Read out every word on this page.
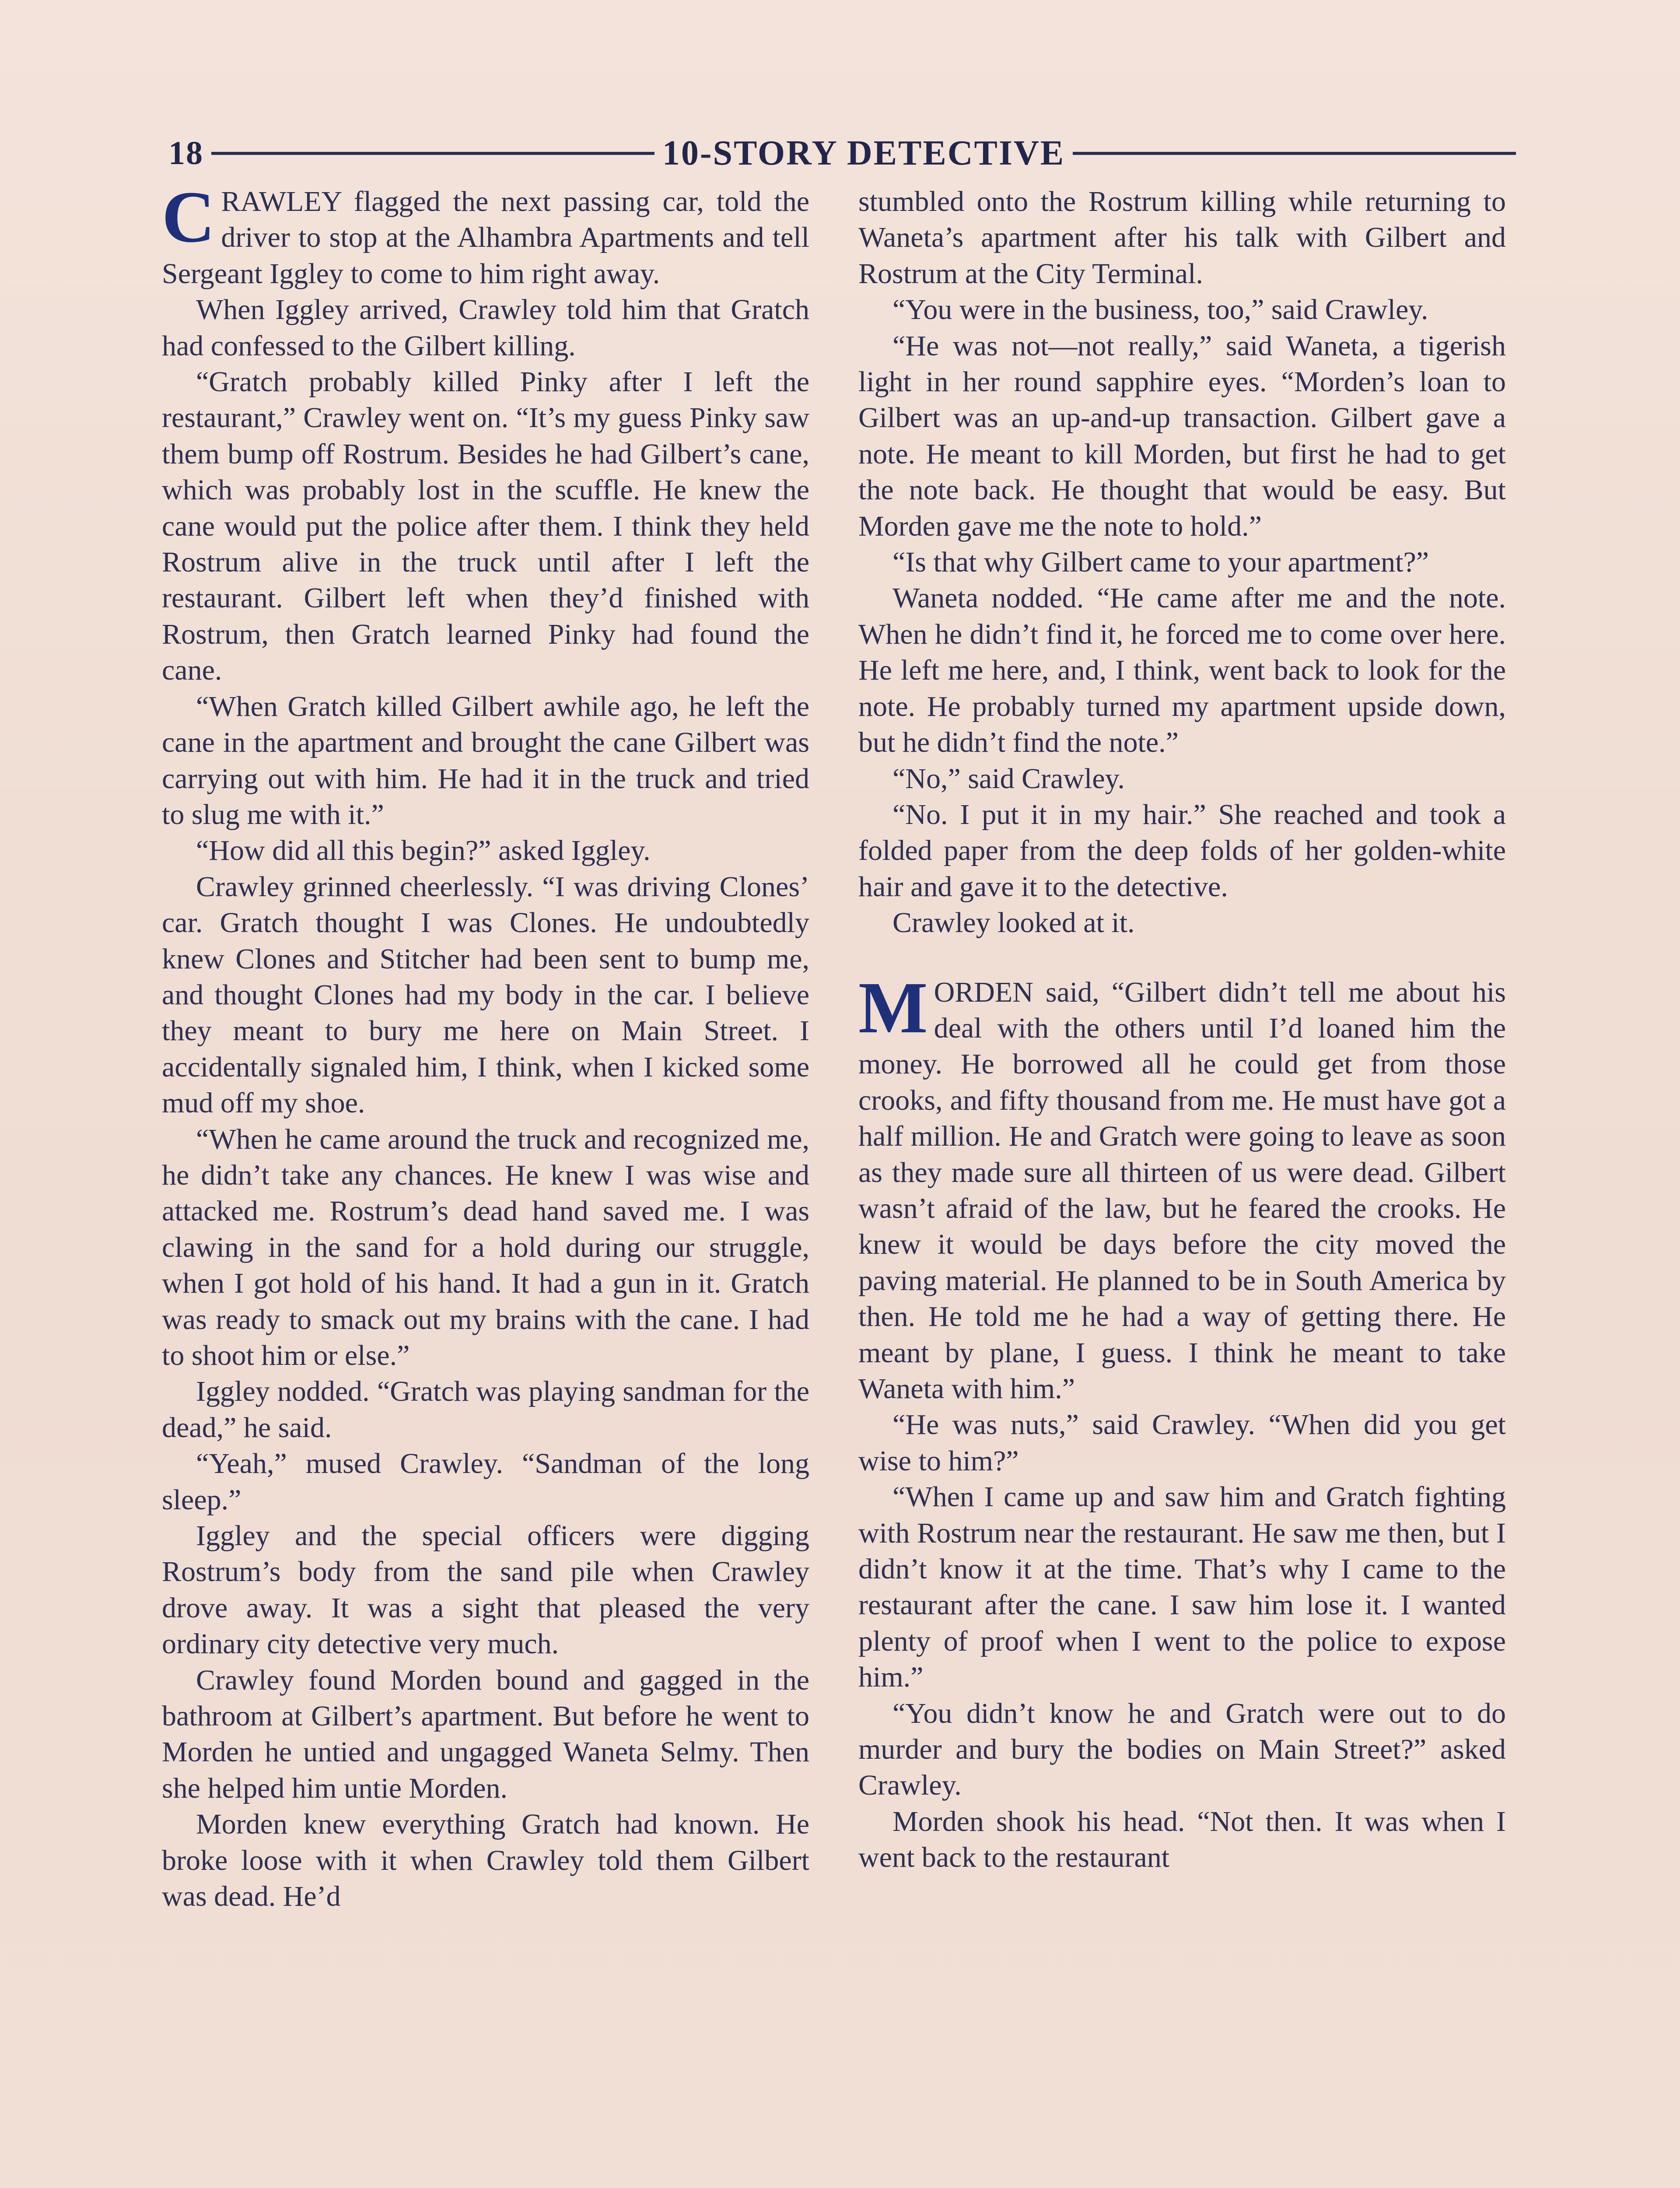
18	10-STORY DETECTIVE

CRAWLEY flagged the next passing car, told the driver to stop at the Alhambra Apartments and tell Sergeant Iggley to come to him right away.

When Iggley arrived, Crawley told him that Gratch had confessed to the Gilbert killing.

“Gratch probably killed Pinky after I left the restaurant,” Crawley went on. “It’s my guess Pinky saw them bump off Rostrum. Besides he had Gilbert’s cane, which was probably lost in the scuffle. He knew the cane would put the police after them. I think they held Rostrum alive in the truck until after I left the restaurant. Gilbert left when they’d finished with Rostrum, then Gratch learned Pinky had found the cane.

“When Gratch killed Gilbert awhile ago, he left the cane in the apartment and brought the cane Gilbert was carrying out with him. He had it in the truck and tried to slug me with it.”

“How did all this begin?” asked Iggley.

Crawley grinned cheerlessly. “I was driving Clones’ car. Gratch thought I was Clones. He undoubtedly knew Clones and Stitcher had been sent to bump me, and thought Clones had my body in the car. I believe they meant to bury me here on Main Street. I accidentally signaled him, I think, when I kicked some mud off my shoe.

“When he came around the truck and recognized me, he didn’t take any chances. He knew I was wise and attacked me. Rostrum’s dead hand saved me. I was clawing in the sand for a hold during our struggle, when I got hold of his hand. It had a gun in it. Gratch was ready to smack out my brains with the cane. I had to shoot him or else.”

Iggley nodded. “Gratch was playing sandman for the dead,” he said.

“Yeah,” mused Crawley. “Sandman of the long sleep.”

Iggley and the special officers were digging Rostrum’s body from the sand pile when Crawley drove away. It was a sight that pleased the very ordinary city detective very much.

Crawley found Morden bound and gagged in the bathroom at Gilbert’s apartment. But before he went to Morden he untied and ungagged Waneta Selmy. Then she helped him untie Morden.

Morden knew everything Gratch had known. He broke loose with it when Crawley told them Gilbert was dead. He’d

stumbled onto the Rostrum killing while returning to Waneta’s apartment after his talk with Gilbert and Rostrum at the City Terminal.

“You were in the business, too,” said Crawley.

“He was not—not really,” said Waneta, a tigerish light in her round sapphire eyes. “Morden’s loan to Gilbert was an up-and-up transaction. Gilbert gave a note. He meant to kill Morden, but first he had to get the note back. He thought that would be easy. But Morden gave me the note to hold.”

“Is that why Gilbert came to your apartment?”

Waneta nodded. “He came after me and the note. When he didn’t find it, he forced me to come over here. He left me here, and, I think, went back to look for the note. He probably turned my apartment upside down, but he didn’t find the note.”

“No,” said Crawley.

“No. I put it in my hair.” She reached and took a folded paper from the deep folds of her golden-white hair and gave it to the detective.

Crawley looked at it.

MORDEN said, “Gilbert didn’t tell me about his deal with the others until I’d loaned him the money. He borrowed all he could get from those crooks, and fifty thousand from me. He must have got a half million. He and Gratch were going to leave as soon as they made sure all thirteen of us were dead. Gilbert wasn’t afraid of the law, but he feared the crooks. He knew it would be days before the city moved the paving material. He planned to be in South America by then. He told me he had a way of getting there. He meant by plane, I guess. I think he meant to take Waneta with him.”

“He was nuts,” said Crawley. “When did you get wise to him?”

“When I came up and saw him and Gratch fighting with Rostrum near the restaurant. He saw me then, but I didn’t know it at the time. That’s why I came to the restaurant after the cane. I saw him lose it. I wanted plenty of proof when I went to the police to expose him.”

“You didn’t know he and Gratch were out to do murder and bury the bodies on Main Street?” asked Crawley.

Morden shook his head. “Not then. It was when I went back to the restaurant
